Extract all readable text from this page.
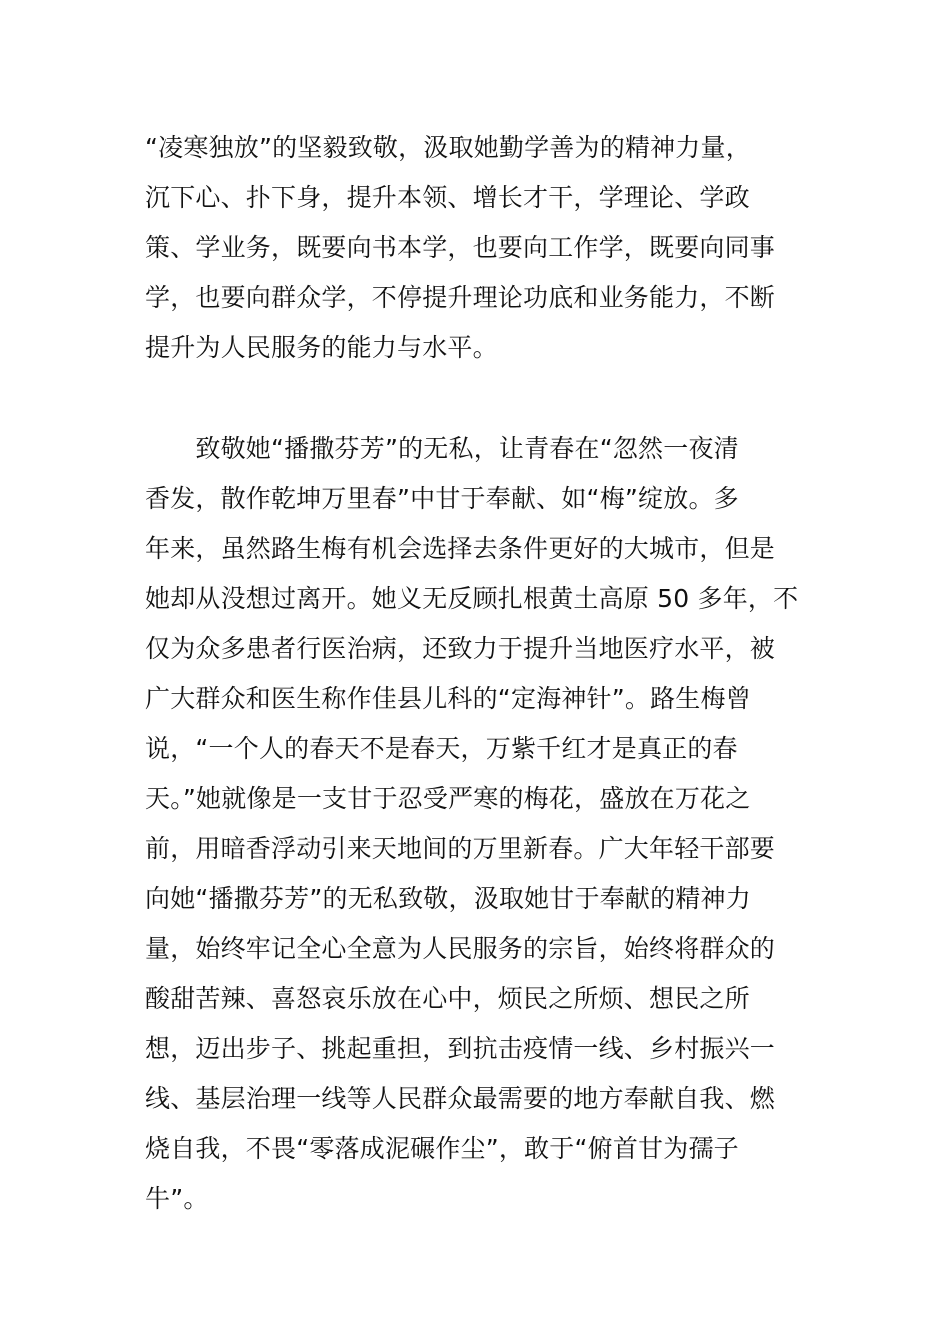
“凌寒独放”的坚毅致敬，汲取她勤学善为的精神力量，
沉下心、扑下身，提升本领、增长才干，学理论、学政
策、学业务，既要向书本学，也要向工作学，既要向同事
学，也要向群众学，不停提升理论功底和业务能力，不断
提升为人民服务的能力与水平。
　　致敬她“播撒芬芳”的无私，让青春在“忽然一夜清
香发，散作乾坤万里春”中甘于奉献、如“梅”绽放。多
年来，虽然路生梅有机会选择去条件更好的大城市，但是
她却从没想过离开。她义无反顾扎根黄土高原 50 多年，不
仅为众多患者行医治病，还致力于提升当地医疗水平，被
广大群众和医生称作佳县儿科的“定海神针”。路生梅曾
说，“一个人的春天不是春天，万紫千红才是真正的春
天。”她就像是一支甘于忍受严寒的梅花，盛放在万花之
前，用暗香浮动引来天地间的万里新春。广大年轻干部要
向她“播撒芬芳”的无私致敬，汲取她甘于奉献的精神力
量，始终牢记全心全意为人民服务的宗旨，始终将群众的
酸甜苦辣、喜怒哀乐放在心中，烦民之所烦、想民之所
想，迈出步子、挑起重担，到抗击疫情一线、乡村振兴一
线、基层治理一线等人民群众最需要的地方奉献自我、燃
烧自我，不畏“零落成泥碾作尘”，敢于“俯首甘为孺子
牛”。
